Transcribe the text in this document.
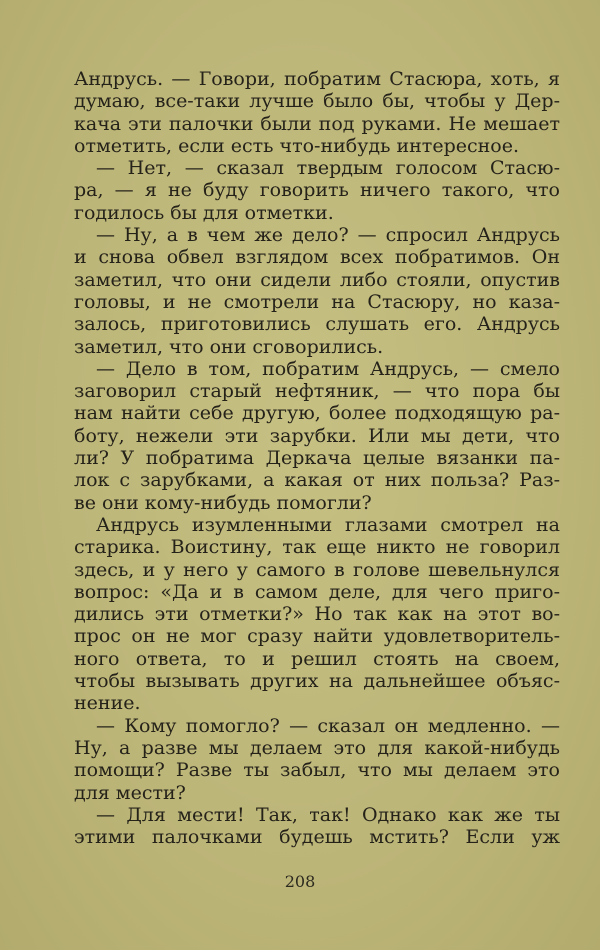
Андрусь. — Говори, побратим Стасюра, хоть, я
думаю, все-таки лучше было бы, чтобы у Дер-
кача эти палочки были под руками. Не мешает
отметить, если есть что-нибудь интересное.
— Нет, — сказал твердым голосом Стасю-
ра, — я не буду говорить ничего такого, что
годилось бы для отметки.
— Ну, а в чем же дело? — спросил Андрусь
и снова обвел взглядом всех побратимов. Он
заметил, что они сидели либо стояли, опустив
головы, и не смотрели на Стасюру, но каза-
залось, приготовились слушать его. Андрусь
заметил, что они сговорились.
— Дело в том, побратим Андрусь, — смело
заговорил старый нефтяник, — что пора бы
нам найти себе другую, более подходящую ра-
боту, нежели эти зарубки. Или мы дети, что
ли? У побратима Деркача целые вязанки па-
лок с зарубками, а какая от них польза? Раз-
ве они кому-нибудь помогли?
Андрусь изумленными глазами смотрел на
старика. Воистину, так еще никто не говорил
здесь, и у него у самого в голове шевельнулся
вопрос: «Да и в самом деле, для чего приго-
дились эти отметки?» Но так как на этот во-
прос он не мог сразу найти удовлетворитель-
ного ответа, то и решил стоять на своем,
чтобы вызывать других на дальнейшее объяс-
нение.
— Кому помогло? — сказал он медленно. —
Ну, а разве мы делаем это для какой-нибудь
помощи? Разве ты забыл, что мы делаем это
для мести?
— Для мести! Так, так! Однако как же ты
этими палочками будешь мстить? Если уж
208
